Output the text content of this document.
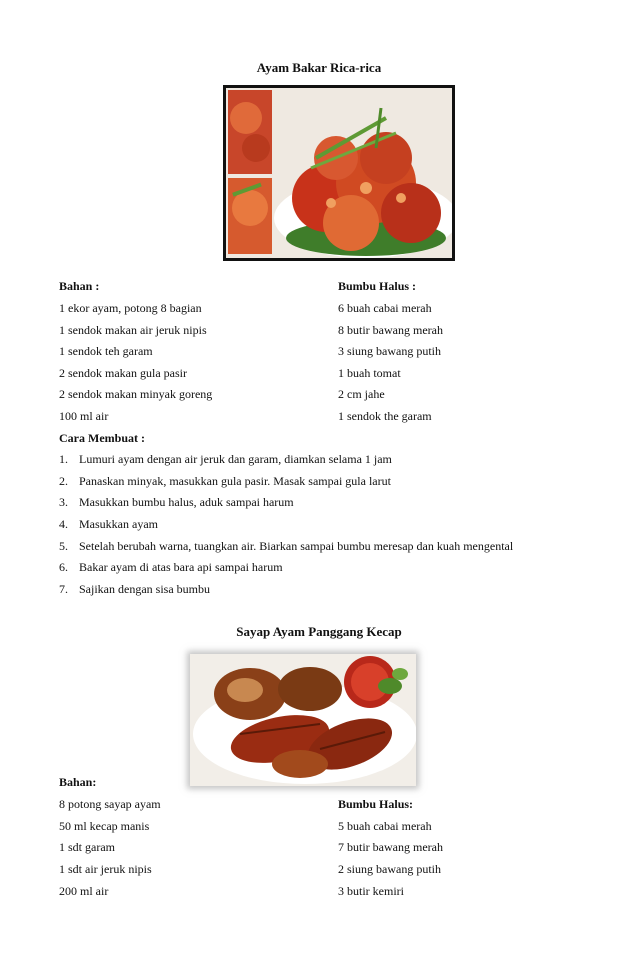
Ayam Bakar Rica-rica
Bahan :	Bumbu Halus :
1 ekor ayam, potong 8 bagian
1 sendok makan air jeruk nipis
1 sendok teh garam
2 sendok makan gula pasir
2 sendok makan minyak goreng
100 ml air
6 buah cabai merah
8 butir bawang merah
3 siung bawang putih
1 buah tomat
2 cm jahe
1 sendok the garam
Cara Membuat :
1. Lumuri ayam dengan air jeruk dan garam, diamkan selama 1 jam
2. Panaskan minyak, masukkan gula pasir. Masak sampai gula larut
3. Masukkan bumbu halus, aduk sampai harum
4. Masukkan ayam
5. Setelah berubah warna, tuangkan air. Biarkan sampai bumbu meresap dan kuah mengental
6. Bakar ayam di atas bara api sampai harum
7. Sajikan dengan sisa bumbu
Sayap Ayam Panggang Kecap
Bahan:
Bumbu Halus:
8 potong sayap ayam
50 ml kecap manis
1 sdt garam
1 sdt air jeruk nipis
200 ml air
5 buah cabai merah
7 butir bawang merah
2 siung bawang putih
3 butir kemiri
